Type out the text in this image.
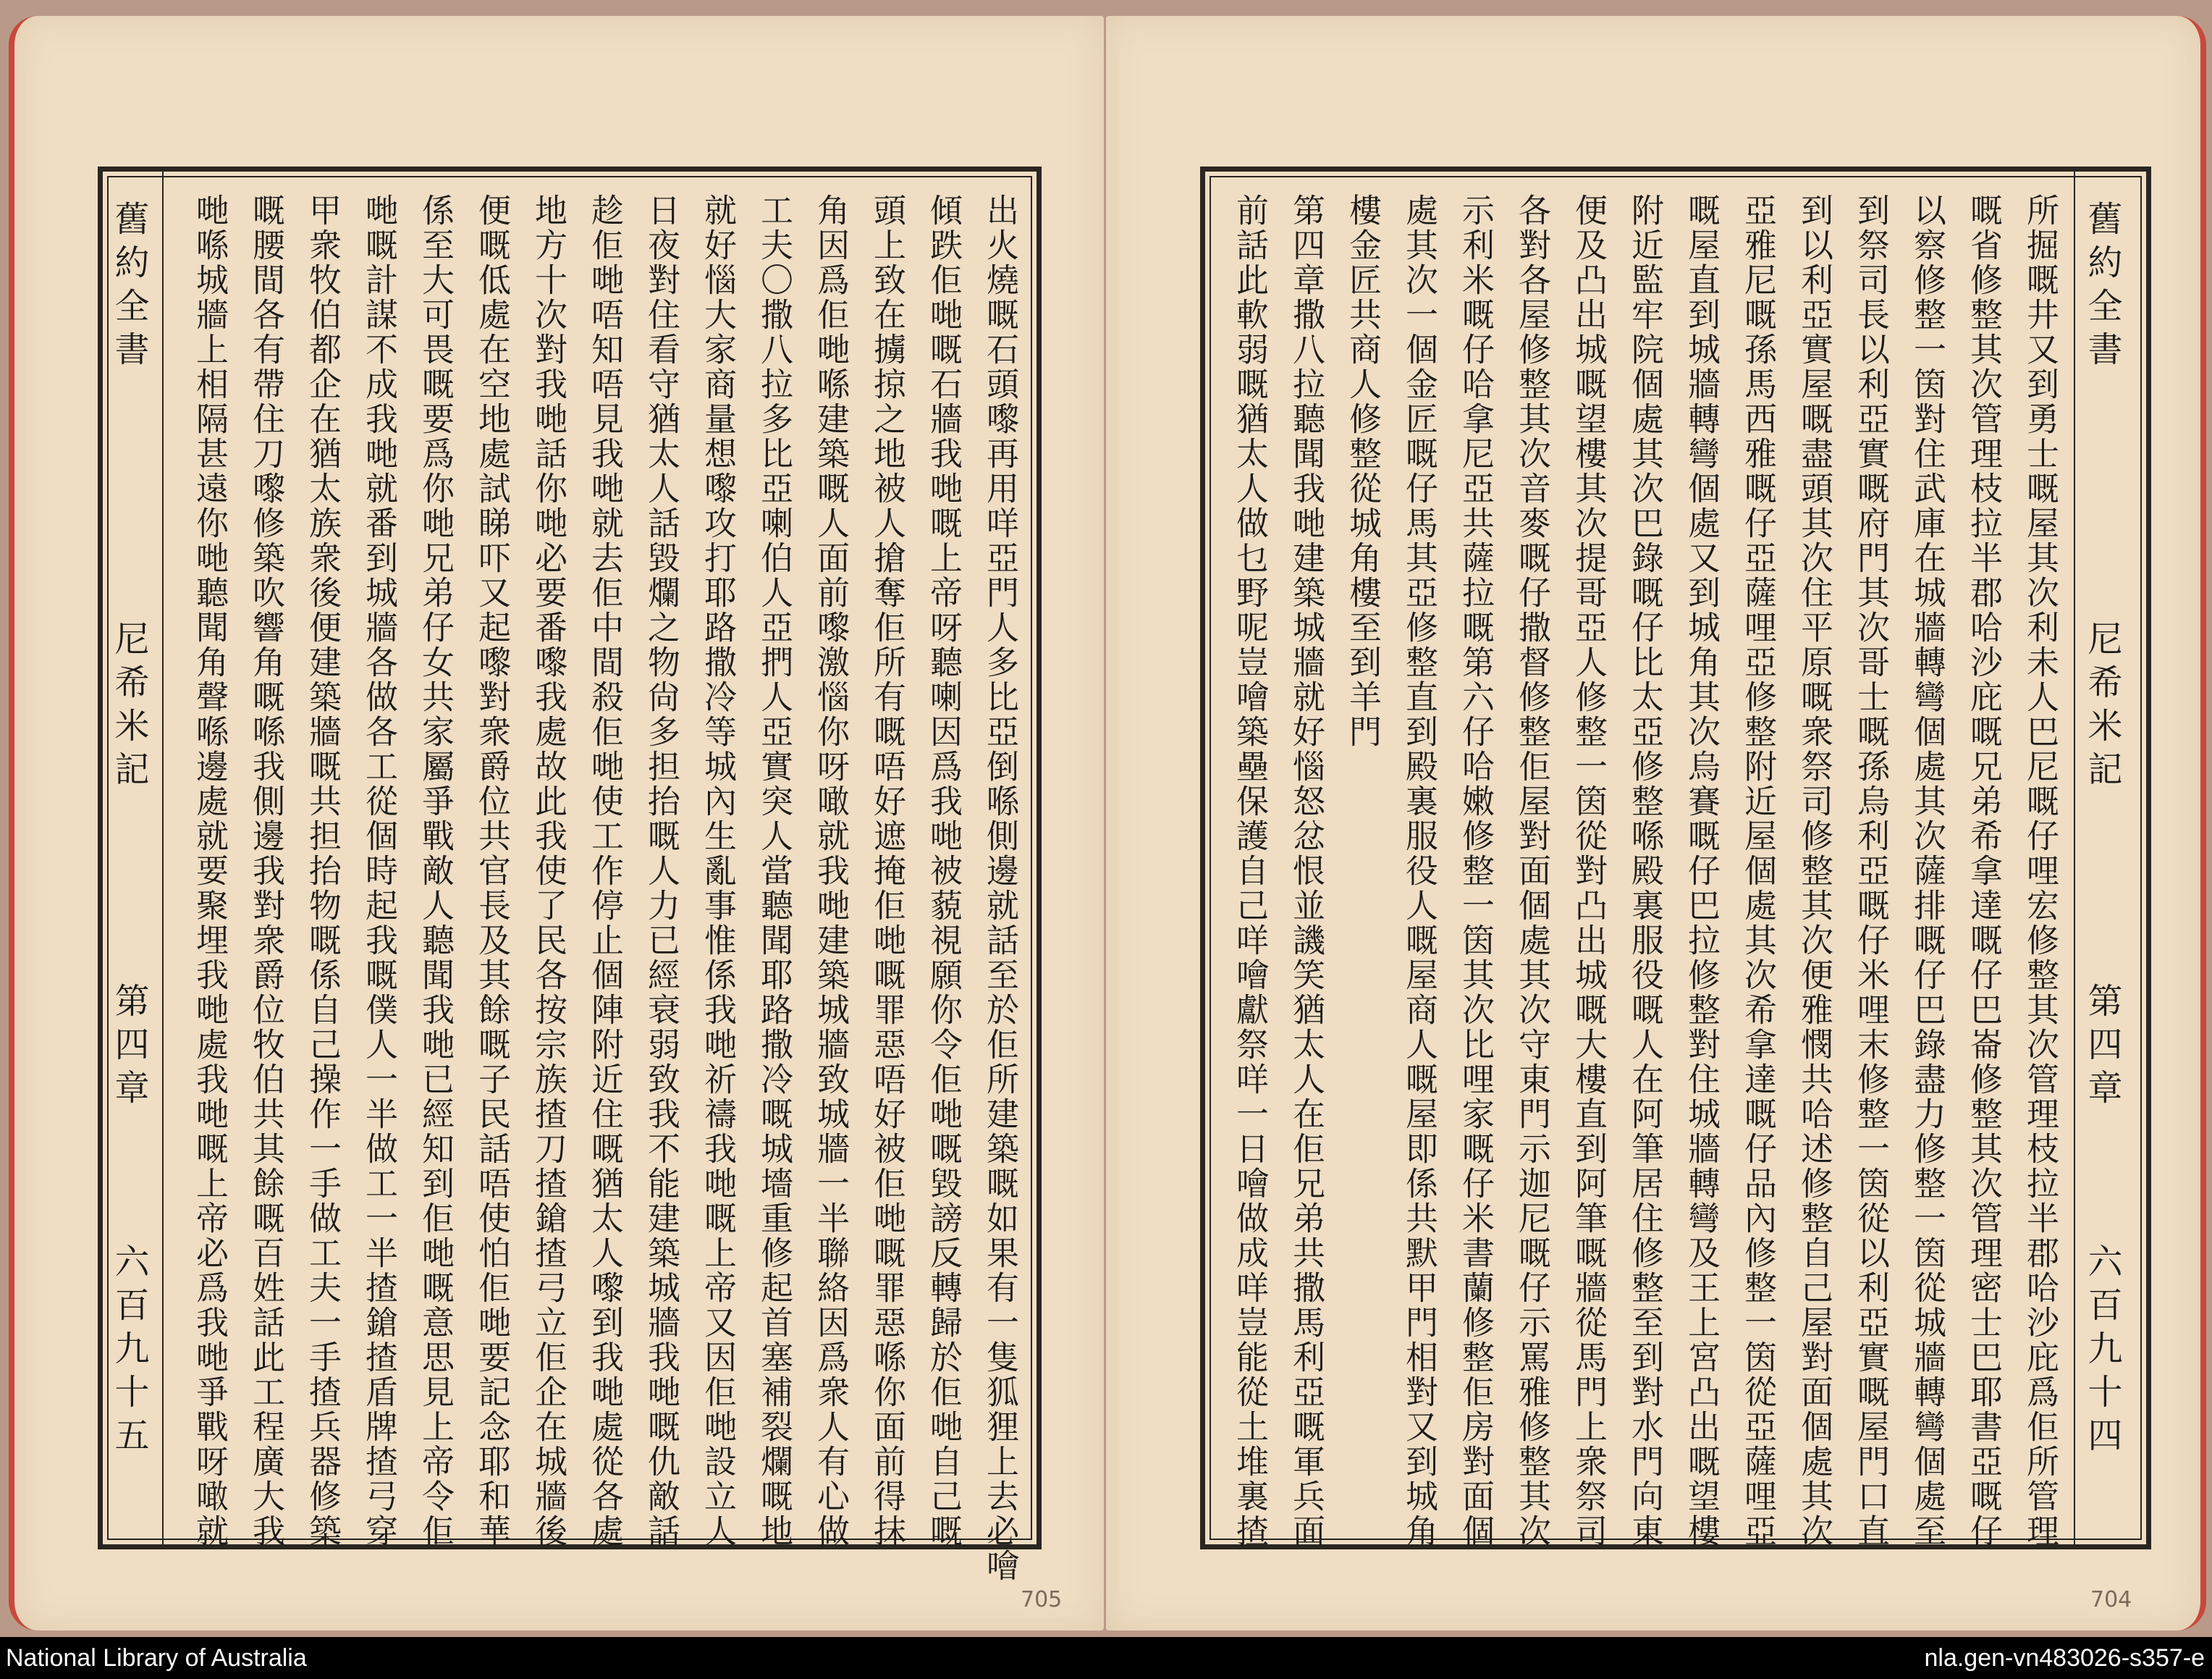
舊約全書
尼希米記
第四章
六百九十五	出火燒嘅石頭嚟再用咩亞門人多比亞倒喺側邊就話至於佢所建築嘅如果有一隻狐狸上去必噲
傾跌佢哋嘅石牆我哋嘅上帝呀聽喇因爲我哋被藐視願你令佢哋嘅毀謗反轉歸於佢哋自己嘅
頭上致在擄掠之地被人搶奪佢所有嘅唔好遮掩佢哋嘅罪惡唔好被佢哋嘅罪惡喺你面前得抹
角因爲佢哋喺建築嘅人面前嚟激惱你呀噉就我哋建築城牆致城牆一半聯絡因爲衆人有心做
工夫〇撒八拉多比亞喇伯人亞捫人亞實突人當聽聞耶路撒冷嘅城墻重修起首塞補裂爛嘅地
就好惱大家商量想嚟攻打耶路撒冷等城內生亂事惟係我哋祈禱我哋嘅上帝又因佢哋設立人
日夜對住看守猶太人話毀爛之物尙多担抬嘅人力已經衰弱致我不能建築城牆我哋嘅仇敵話
趁佢哋唔知唔見我哋就去佢中間殺佢哋使工作停止個陣附近住嘅猶太人嚟到我哋處從各處
地方十次對我哋話你哋必要番嚟我處故此我使了民各按宗族揸刀揸鎗揸弓立佢企在城牆後
便嘅低處在空地處試睇吓又起嚟對衆爵位共官長及其餘嘅子民話唔使怕佢哋要記念耶和華
係至大可畏嘅要爲你哋兄弟仔女共家屬爭戰敵人聽聞我哋已經知到佢哋嘅意思見上帝令佢
哋嘅計謀不成我哋就番到城牆各做各工從個時起我嘅僕人一半做工一半揸鎗揸盾牌揸弓穿
甲衆牧伯都企在猶太族衆後便建築牆嘅共担抬物嘅係自己操作一手做工夫一手揸兵器修築
嘅腰間各有帶住刀嚟修築吹響角嘅喺我側邊我對衆爵位牧伯共其餘嘅百姓話此工程廣大我
哋喺城牆上相隔甚遠你哋聽聞角聲喺邊處就要聚埋我哋處我哋嘅上帝必爲我哋爭戰呀噉就
705
舊約全書
尼希米記
第四章
六百九十四
所掘嘅井又到勇士嘅屋其次利未人巴尼嘅仔哩宏修整其次管理枝拉半郡哈沙庇爲佢所管理
嘅省修整其次管理枝拉半郡哈沙庇嘅兄弟希拿達嘅仔巴崙修整其次管理密士巴耶書亞嘅仔
以察修整一筃對住武庫在城牆轉彎個處其次薩排嘅仔巴錄盡力修整一筃從城牆轉彎個處至
到祭司長以利亞實嘅府門其次哥士嘅孫烏利亞嘅仔米哩末修整一筃從以利亞實嘅屋門口直
到以利亞實屋嘅盡頭其次住平原嘅衆祭司修整其次便雅憫共哈述修整自己屋對面個處其次
亞雅尼嘅孫馬西雅嘅仔亞薩哩亞修整附近屋個處其次希拿達嘅仔品內修整一筃從亞薩哩亞
嘅屋直到城牆轉彎個處又到城角其次烏賽嘅仔巴拉修整對住城牆轉彎及王上宮凸出嘅望樓
附近監牢院個處其次巴錄嘅仔比太亞修整喺殿裏服役嘅人在阿筆居住修整至到對水門向東
便及凸出城嘅望樓其次提哥亞人修整一筃從對凸出城嘅大樓直到阿筆嘅牆從馬門上衆祭司
各對各屋修整其次音麥嘅仔撒督修整佢屋對面個處其次守東門示迦尼嘅仔示罵雅修整其次
示利米嘅仔哈拿尼亞共薩拉嘅第六仔哈嫩修整一筃其次比哩家嘅仔米書蘭修整佢房對面個
處其次一個金匠嘅仔馬其亞修整直到殿裏服役人嘅屋商人嘅屋即係共默甲門相對又到城角
樓金匠共商人修整從城角樓至到羊門
第四章撒八拉聽聞我哋建築城牆就好惱怒忿恨並譏笑猶太人在佢兄弟共撒馬利亞嘅軍兵面
前話此軟弱嘅猶太人做乜野呢豈噲築壘保護自己咩噲獻祭咩一日噲做成咩豈能從土堆裏揸
704
National Library of Australia	nla.gen-vn483026-s357-e
